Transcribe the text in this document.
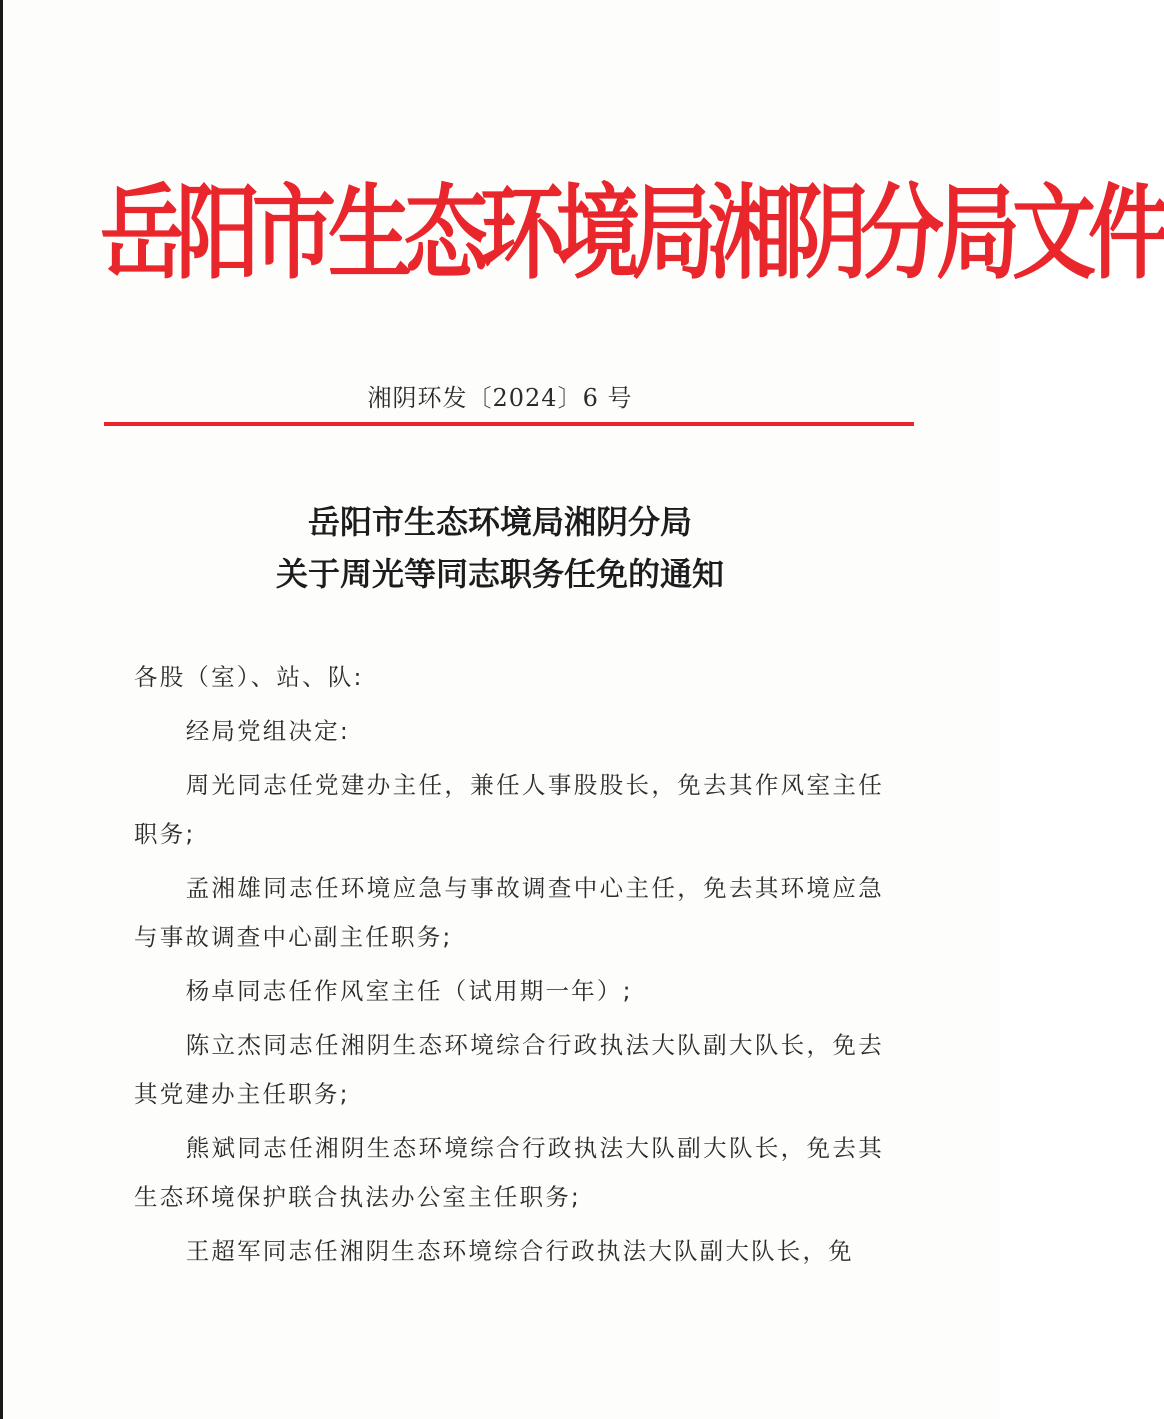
岳阳市生态环境局湘阴分局文件
湘阴环发〔2024〕6 号
岳阳市生态环境局湘阴分局
关于周光等同志职务任免的通知

各股（室）、站、队:

经局党组决定:

周光同志任党建办主任，兼任人事股股长，免去其作风室主任职务;

孟湘雄同志任环境应急与事故调查中心主任，免去其环境应急与事故调查中心副主任职务;

杨卓同志任作风室主任（试用期一年）;

陈立杰同志任湘阴生态环境综合行政执法大队副大队长，免去其党建办主任职务;

熊斌同志任湘阴生态环境综合行政执法大队副大队长，免去其生态环境保护联合执法办公室主任职务;

王超军同志任湘阴生态环境综合行政执法大队副大队长，免
